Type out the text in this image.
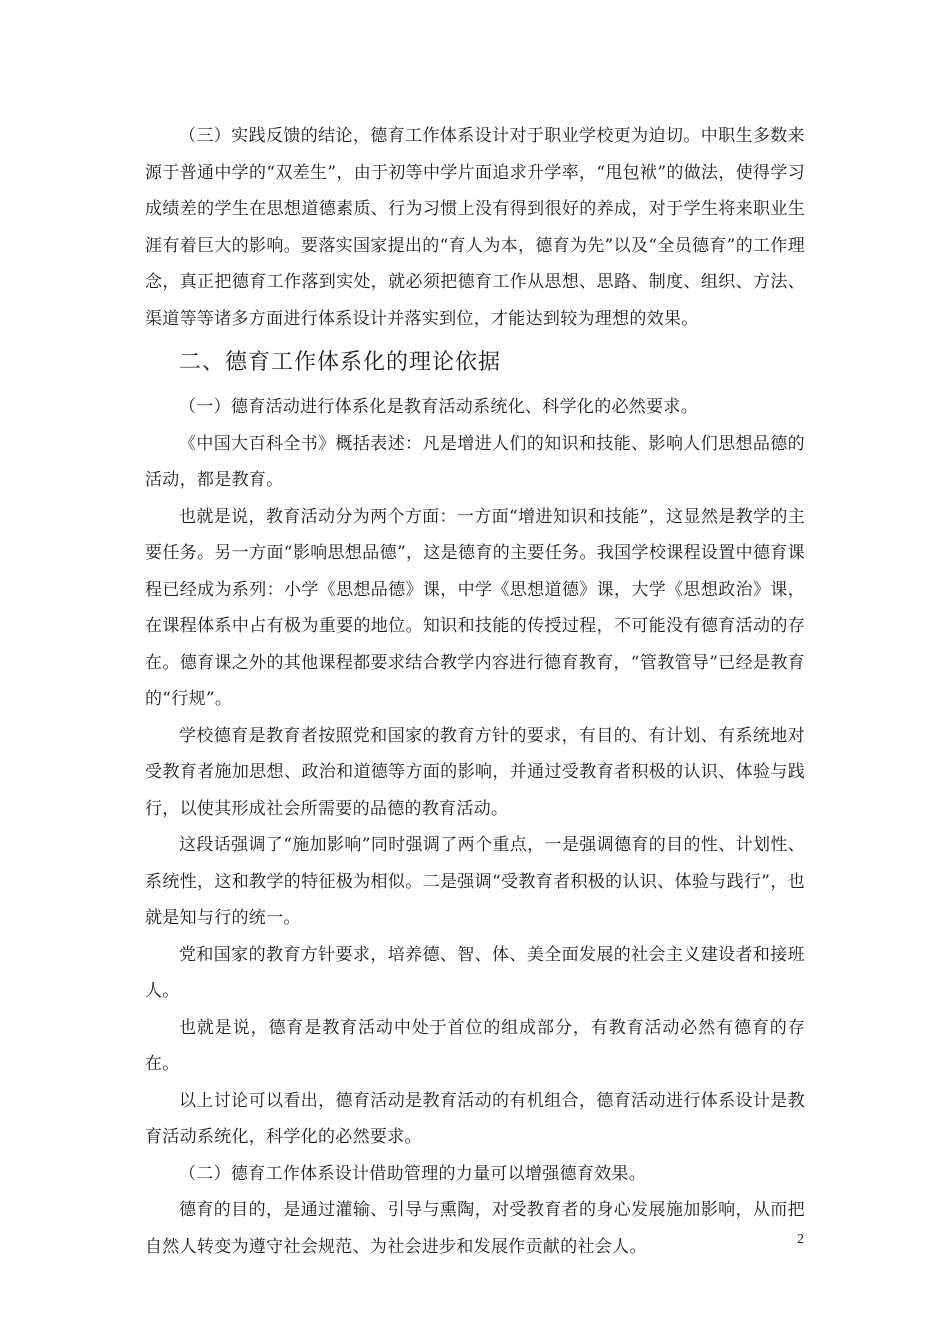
（三）实践反馈的结论，德育工作体系设计对于职业学校更为迫切。中职生多数来源于普通中学的“双差生”，由于初等中学片面追求升学率，“甩包袱”的做法，使得学习成绩差的学生在思想道德素质、行为习惯上没有得到很好的养成，对于学生将来职业生涯有着巨大的影响。要落实国家提出的“育人为本，德育为先”以及“全员德育”的工作理念，真正把德育工作落到实处，就必须把德育工作从思想、思路、制度、组织、方法、渠道等等诸多方面进行体系设计并落实到位，才能达到较为理想的效果。

二、德育工作体系化的理论依据

（一）德育活动进行体系化是教育活动系统化、科学化的必然要求。

《中国大百科全书》概括表述：凡是增进人们的知识和技能、影响人们思想品德的活动，都是教育。

也就是说，教育活动分为两个方面：一方面“增进知识和技能”，这显然是教学的主要任务。另一方面“影响思想品德”，这是德育的主要任务。我国学校课程设置中德育课程已经成为系列：小学《思想品德》课，中学《思想道德》课，大学《思想政治》课，在课程体系中占有极为重要的地位。知识和技能的传授过程，不可能没有德育活动的存在。德育课之外的其他课程都要求结合教学内容进行德育教育，“管教管导”已经是教育的“行规”。

学校德育是教育者按照党和国家的教育方针的要求，有目的、有计划、有系统地对受教育者施加思想、政治和道德等方面的影响，并通过受教育者积极的认识、体验与践行，以使其形成社会所需要的品德的教育活动。

这段话强调了“施加影响”同时强调了两个重点，一是强调德育的目的性、计划性、系统性，这和教学的特征极为相似。二是强调“受教育者积极的认识、体验与践行”，也就是知与行的统一。

党和国家的教育方针要求，培养德、智、体、美全面发展的社会主义建设者和接班人。

也就是说，德育是教育活动中处于首位的组成部分，有教育活动必然有德育的存在。

以上讨论可以看出，德育活动是教育活动的有机组合，德育活动进行体系设计是教育活动系统化，科学化的必然要求。

（二）德育工作体系设计借助管理的力量可以增强德育效果。

德育的目的，是通过灌输、引导与熏陶，对受教育者的身心发展施加影响，从而把自然人转变为遵守社会规范、为社会进步和发展作贡献的社会人。	2
